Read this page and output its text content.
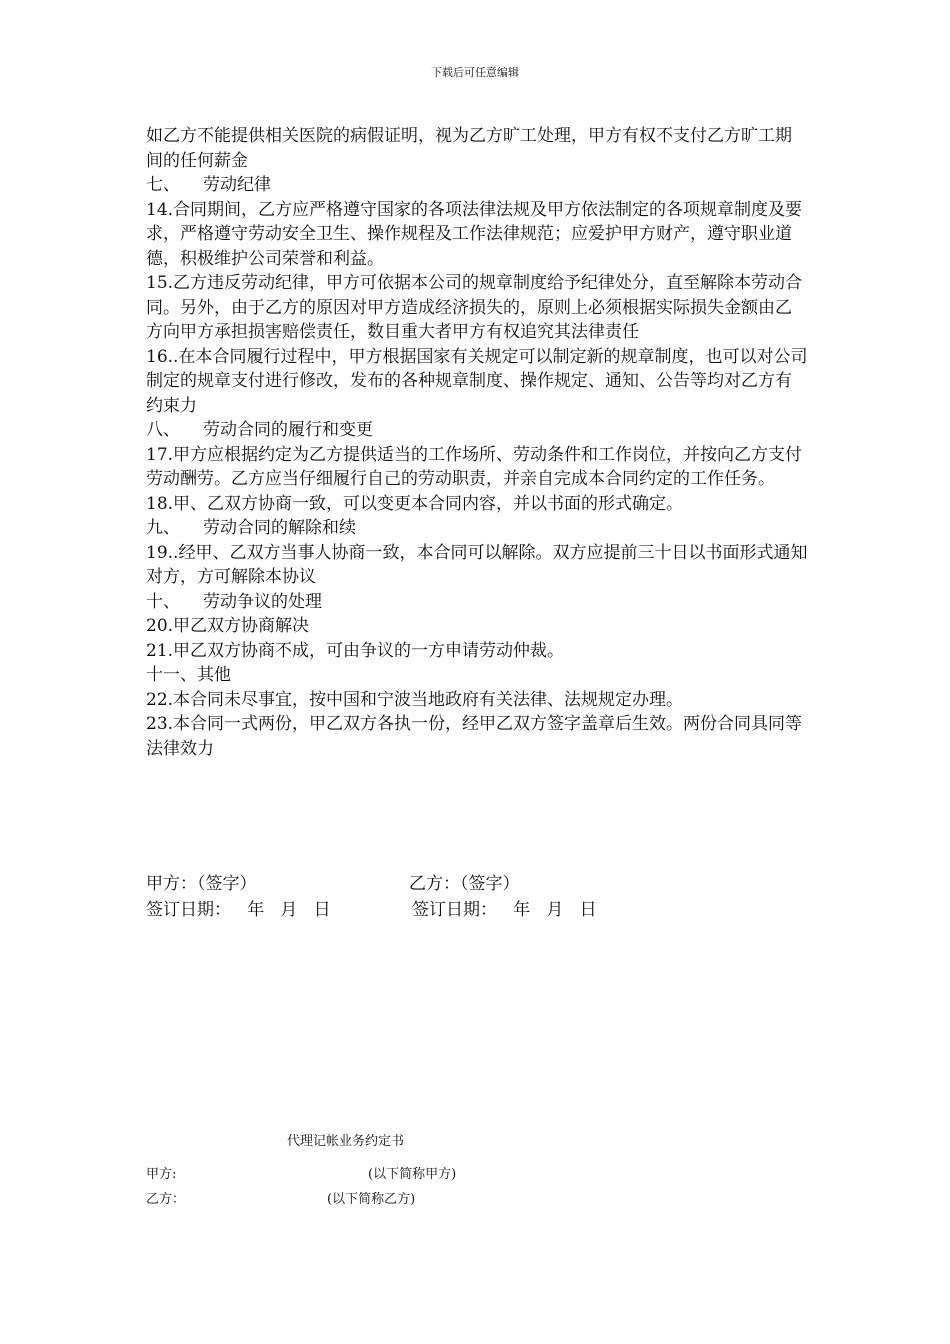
下载后可任意编辑

如乙方不能提供相关医院的病假证明，视为乙方旷工处理，甲方有权不支付乙方旷工期间的任何薪金

七、 劳动纪律

14.合同期间，乙方应严格遵守国家的各项法律法规及甲方依法制定的各项规章制度及要求，严格遵守劳动安全卫生、操作规程及工作法律规范；应爱护甲方财产，遵守职业道德，积极维护公司荣誉和利益。

15.乙方违反劳动纪律，甲方可依据本公司的规章制度给予纪律处分，直至解除本劳动合同。另外，由于乙方的原因对甲方造成经济损失的，原则上必须根据实际损失金额由乙方向甲方承担损害赔偿责任，数目重大者甲方有权追究其法律责任

16..在本合同履行过程中，甲方根据国家有关规定可以制定新的规章制度，也可以对公司制定的规章支付进行修改，发布的各种规章制度、操作规定、通知、公告等均对乙方有约束力

八、 劳动合同的履行和变更

17.甲方应根据约定为乙方提供适当的工作场所、劳动条件和工作岗位，并按向乙方支付劳动酬劳。乙方应当仔细履行自己的劳动职责，并亲自完成本合同约定的工作任务。

18.甲、乙双方协商一致，可以变更本合同内容，并以书面的形式确定。

九、 劳动合同的解除和续

19..经甲、乙双方当事人协商一致，本合同可以解除。双方应提前三十日以书面形式通知对方，方可解除本协议

十、 劳动争议的处理

20.甲乙双方协商解决

21.甲乙双方协商不成，可由争议的一方申请劳动仲裁。

十一、其他

22.本合同未尽事宜，按中国和宁波当地政府有关法律、法规规定办理。

23.本合同一式两份，甲乙双方各执一份，经甲乙双方签字盖章后生效。两份合同具同等法律效力

甲方：（签字）	乙方：（签字）
签订日期：   年   月   日	签订日期：   年   月   日
代理记帐业务约定书
甲方:	(以下简称甲方)
乙方：	(以下简称乙方)
